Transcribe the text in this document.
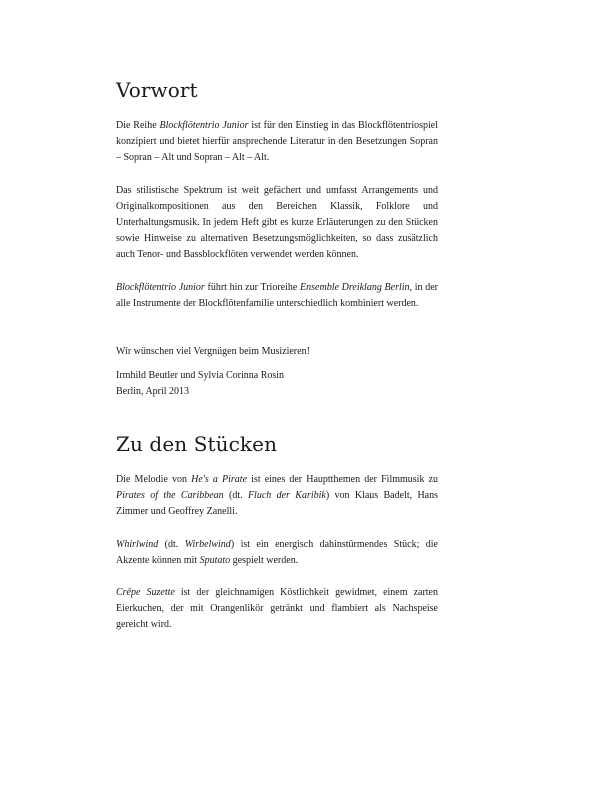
Vorwort

Die Reihe Blockflötentrio Junior ist für den Einstieg in das Blockflötentriospiel konzipiert und bietet hierfür ansprechende Literatur in den Besetzungen Sopran – Sopran – Alt und Sopran – Alt – Alt.

Das stilistische Spektrum ist weit gefächert und umfasst Arrangements und Originalkompositionen aus den Bereichen Klassik, Folklore und Unterhaltungsmusik. In jedem Heft gibt es kurze Erläuterungen zu den Stücken sowie Hinweise zu alternativen Besetzungsmöglichkeiten, so dass zusätzlich auch Tenor- und Bassblockflöten verwendet werden können.

Blockflötentrio Junior führt hin zur Trioreihe Ensemble Dreiklang Berlin, in der alle Instrumente der Blockflötenfamilie unterschiedlich kombiniert werden.

Wir wünschen viel Vergnügen beim Musizieren!

Irmhild Beutler und Sylvia Corinna Rosin

Berlin, April 2013

Zu den Stücken

Die Melodie von He's a Pirate ist eines der Hauptthemen der Filmmusik zu Pirates of the Caribbean (dt. Fluch der Karibik) von Klaus Badelt, Hans Zimmer und Geoffrey Zanelli.

Whirlwind (dt. Wirbelwind) ist ein energisch dahinstürmendes Stück; die Akzente können mit Sputato gespielt werden.

Crêpe Suzette ist der gleichnamigen Köstlichkeit gewidmet, einem zarten Eierkuchen, der mit Orangenlikör getränkt und flambiert als Nachspeise gereicht wird.
